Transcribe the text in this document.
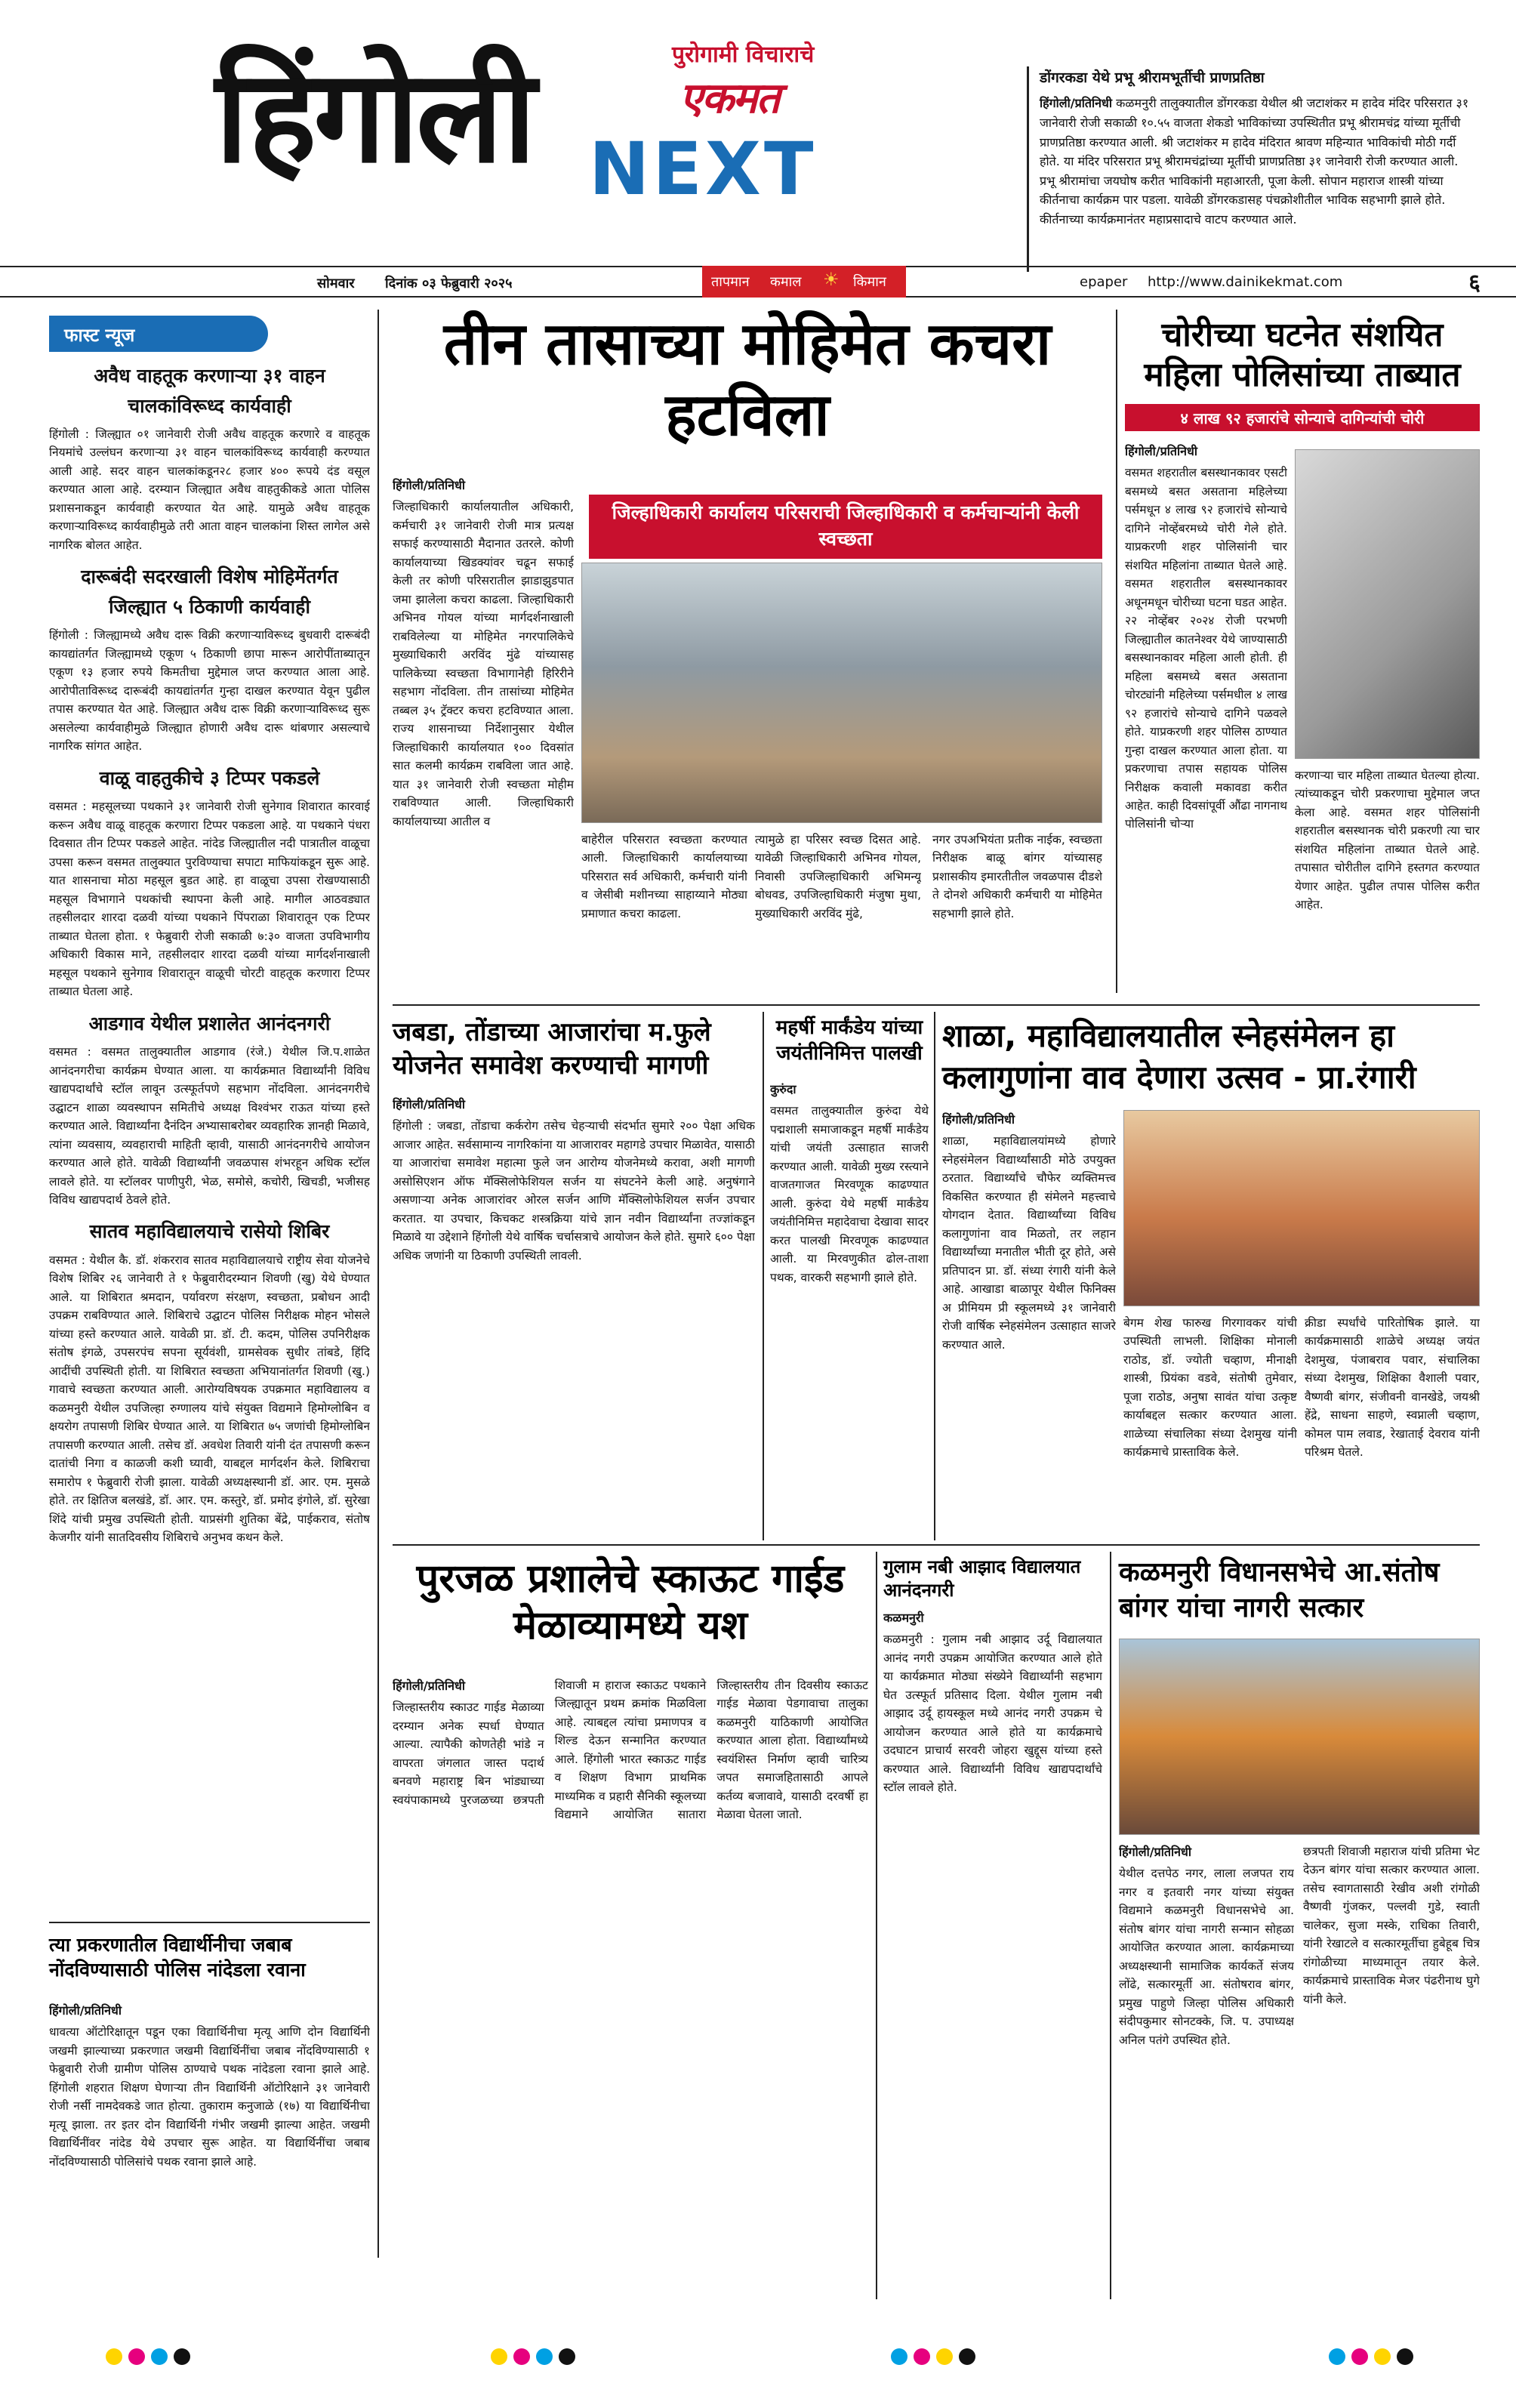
हिंगोली	पुरोगामी विचाराचे
एकमत
NEXT
डोंगरकडा येथे प्रभू श्रीरामभूर्तीची प्राणप्रतिष्ठा
हिंगोली/प्रतिनिधी कळमनुरी तालुक्यातील डोंगरकडा येथील श्री जटाशंकर म हादेव मंदिर परिसरात ३१ जानेवारी रोजी सकाळी १०.५५ वाजता शेकडो भाविकांच्या उपस्थितीत प्रभू श्रीरामचंद्र यांच्या मूर्तीची प्राणप्रतिष्ठा करण्यात आली. श्री जटाशंकर म हादेव मंदिरात श्रावण महिन्यात भाविकांची मोठी गर्दी होते. या मंदिर परिसरात प्रभू श्रीरामचंद्रांच्या मूर्तीची प्राणप्रतिष्ठा ३१ जानेवारी रोजी करण्यात आली. प्रभू श्रीरामांचा जयघोष करीत भाविकांनी महाआरती, पूजा केली. सोपान महाराज शास्त्री यांच्या कीर्तनाचा कार्यक्रम पार पडला. यावेळी डोंगरकडासह पंचक्रोशीतील भाविक सहभागी झाले होते. कीर्तनाच्या कार्यक्रमानंतर महाप्रसादाचे वाटप करण्यात आले.
सोमवार दिनांक ०३ फेब्रुवारी २०२५	epaper http://www.dainikekmat.com
तापमान कमाल ☀ किमान	६
फास्ट न्यूज
अवैध वाहतूक करणाऱ्या ३१ वाहन चालकांविरूध्द कार्यवाही

हिंगोली : जिल्ह्यात ०१ जानेवारी रोजी अवैध वाहतूक करणारे व वाहतूक नियमांचे उल्लंघन करणाऱ्या ३१ वाहन चालकांविरूध्द कार्यवाही करण्यात आली आहे. सदर वाहन चालकांकडून२८ हजार ४०० रूपये दंड वसूल करण्यात आला आहे. दरम्यान जिल्ह्यात अवैध वाहतुकीकडे आता पोलिस प्रशासनाकडून कार्यवाही करण्यात येत आहे. यामुळे अवैध वाहतूक करणाऱ्याविरूध्द कार्यवाहीमुळे तरी आता वाहन चालकांना शिस्त लागेल असे नागरिक बोलत आहेत.

दारूबंदी सदरखाली विशेष मोहिमेंतर्गत जिल्ह्यात ५ ठिकाणी कार्यवाही

हिंगोली : जिल्ह्यामध्ये अवैध दारू विक्री करणाऱ्याविरूध्द बुधवारी दारूबंदी कायद्यांतर्गत जिल्ह्यामध्ये एकूण ५ ठिकाणी छापा मारून आरोपींताब्यातून एकूण १३ हजार रुपये किमतीचा मुद्देमाल जप्त करण्यात आला आहे. आरोपीताविरूध्द दारूबंदी कायद्यांतर्गत गुन्हा दाखल करण्यात येवून पुढील तपास करण्यात येत आहे. जिल्ह्यात अवैध दारू विक्री करणाऱ्याविरूध्द सुरू असलेल्या कार्यवाहीमुळे जिल्ह्यात होणारी अवैध दारू थांबणार असल्याचे नागरिक सांगत आहेत.

वाळू वाहतुकीचे ३ टिप्पर पकडले

वसमत : महसूलच्या पथकाने ३१ जानेवारी रोजी सुनेगाव शिवारात कारवाई करून अवैध वाळू वाहतूक करणारा टिप्पर पकडला आहे. या पथकाने पंधरा दिवसात तीन टिप्पर पकडले आहेत. नांदेड जिल्ह्यातील नदी पात्रातील वाळूचा उपसा करून वसमत तालुक्यात पुरविण्याचा सपाटा माफियांकडून सुरू आहे. यात शासनाचा मोठा महसूल बुडत आहे. हा वाळूचा उपसा रोखण्यासाठी महसूल विभागाने पथकांची स्थापना केली आहे. मागील आठवड्यात तहसीलदार शारदा दळवी यांच्या पथकाने पिंपराळा शिवारातून एक टिप्पर ताब्यात घेतला होता. १ फेब्रुवारी रोजी सकाळी ७:३० वाजता उपविभागीय अधिकारी विकास माने, तहसीलदार शारदा दळवी यांच्या मार्गदर्शनाखाली महसूल पथकाने सुनेगाव शिवारातून वाळूची चोरटी वाहतूक करणारा टिप्पर ताब्यात घेतला आहे.

आडगाव येथील प्रशालेत आनंदनगरी

वसमत : वसमत तालुक्यातील आडगाव (रंजे.) येथील जि.प.शाळेत आनंदनगरीचा कार्यक्रम घेण्यात आला. या कार्यक्रमात विद्यार्थ्यांनी विविध खाद्यपदार्थांचे स्टॉल लावून उत्स्फूर्तपणे सहभाग नोंदविला. आनंदनगरीचे उद्घाटन शाळा व्यवस्थापन समितीचे अध्यक्ष विश्वंभर राऊत यांच्या हस्ते करण्यात आले. विद्यार्थ्यांना दैनंदिन अभ्यासाबरोबर व्यवहारिक ज्ञानही मिळावे, त्यांना व्यवसाय, व्यवहाराची माहिती व्हावी, यासाठी आनंदनगरीचे आयोजन करण्यात आले होते. यावेळी विद्यार्थ्यांनी जवळपास शंभरहून अधिक स्टॉल लावले होते. या स्टॉलवर पाणीपुरी, भेळ, समोसे, कचोरी, खिचडी, भजीसह विविध खाद्यपदार्थ ठेवले होते.

सातव महाविद्यालयाचे रासेयो शिबिर

वसमत : येथील कै. डॉ. शंकरराव सातव महाविद्यालयाचे राष्ट्रीय सेवा योजनेचे विशेष शिबिर २६ जानेवारी ते १ फेब्रुवारीदरम्यान शिवणी (खु) येथे घेण्यात आले. या शिबिरात श्रमदान, पर्यावरण संरक्षण, स्वच्छता, प्रबोधन आदी उपक्रम राबविण्यात आले. शिबिराचे उद्घाटन पोलिस निरीक्षक मोहन भोसले यांच्या हस्ते करण्यात आले. यावेळी प्रा. डॉ. टी. कदम, पोलिस उपनिरीक्षक संतोष इंगळे, उपसरपंच सपना सूर्यवंशी, ग्रामसेवक सुधीर तांबडे, हिंदि आदींची उपस्थिती होती. या शिबिरात स्वच्छता अभियानांतर्गत शिवणी (खु.) गावाचे स्वच्छता करण्यात आली. आरोग्यविषयक उपक्रमात महाविद्यालय व कळमनुरी येथील उपजिल्हा रुग्णालय यांचे संयुक्त विद्यमाने हिमोग्लोबिन व क्षयरोग तपासणी शिबिर घेण्यात आले. या शिबिरात ७५ जणांची हिमोग्लोबिन तपासणी करण्यात आली. तसेच डॉ. अवधेश तिवारी यांनी दंत तपासणी करून दातांची निगा व काळजी कशी घ्यावी, याबद्दल मार्गदर्शन केले. शिबिराचा समारोप १ फेब्रुवारी रोजी झाला. यावेळी अध्यक्षस्थानी डॉ. आर. एम. मुसळे होते. तर क्षितिज बलखंडे, डॉ. आर. एम. कस्तुरे, डॉ. प्रमोद इंगोले, डॉ. सुरेखा शिंदे यांची प्रमुख उपस्थिती होती. याप्रसंगी शुतिका बेंद्रे, पाईकराव, संतोष केजगीर यांनी सातदिवसीय शिबिराचे अनुभव कथन केले.

त्या प्रकरणातील विद्यार्थीनीचा जबाब नोंदविण्यासाठी पोलिस नांदेडला रवाना
हिंगोली/प्रतिनिधी
धावत्या ऑटोरिक्षातून पडून एका विद्यार्थिनीचा मृत्यू आणि दोन विद्यार्थिनी जखमी झाल्याच्या प्रकरणात जखमी विद्यार्थिनींचा जबाब नोंदविण्यासाठी १ फेब्रुवारी रोजी ग्रामीण पोलिस ठाण्याचे पथक नांदेडला रवाना झाले आहे. हिंगोली शहरात शिक्षण घेणाऱ्या तीन विद्यार्थिनी ऑटोरिक्षाने ३१ जानेवारी रोजी नर्सी नामदेवकडे जात होत्या. तुकाराम कनुजाळे (१७) या विद्यार्थिनीचा मृत्यू झाला. तर इतर दोन विद्यार्थिनी गंभीर जखमी झाल्या आहेत. जखमी विद्यार्थिनींवर नांदेड येथे उपचार सुरू आहेत. या विद्यार्थिनींचा जबाब नोंदविण्यासाठी पोलिसांचे पथक रवाना झाले आहे.
तीन तासाच्या मोहिमेत कचरा हटविला
हिंगोली/प्रतिनिधी
जिल्हाधिकारी कार्यालयातील अधिकारी, कर्मचारी ३१ जानेवारी रोजी मात्र प्रत्यक्ष सफाई करण्यासाठी मैदानात उतरले. कोणी कार्यालयाच्या खिडक्यांवर चढून सफाई केली तर कोणी परिसरातील झाडाझुडपात जमा झालेला कचरा काढला. जिल्हाधिकारी अभिनव गोयल यांच्या मार्गदर्शनाखाली राबविलेल्या या मोहिमेत नगरपालिकेचे मुख्याधिकारी अरविंद मुंढे यांच्यासह पालिकेच्या स्वच्छता विभागानेही हिरिरीने सहभाग नोंदविला. तीन तासांच्या मोहिमेत तब्बल ३५ ट्रॅक्टर कचरा हटविण्यात आला. राज्य शासनाच्या निर्देशानुसार येथील जिल्हाधिकारी कार्यालयात १०० दिवसांत सात कलमी कार्यक्रम राबविला जात आहे. यात ३१ जानेवारी रोजी स्वच्छता मोहीम राबविण्यात आली. जिल्हाधिकारी कार्यालयाच्या आतील व
जिल्हाधिकारी कार्यालय परिसराची जिल्हाधिकारी व कर्मचाऱ्यांनी केली स्वच्छता
बाहेरील परिसरात स्वच्छता करण्यात आली. जिल्हाधिकारी कार्यालयाच्या परिसरात सर्व अधिकारी, कर्मचारी यांनी व जेसीबी मशीनच्या साहाय्याने मोठ्या प्रमाणात कचरा काढला.
त्यामुळे हा परिसर स्वच्छ दिसत आहे. यावेळी जिल्हाधिकारी अभिनव गोयल, निवासी उपजिल्हाधिकारी अभिमन्यू बोधवड, उपजिल्हाधिकारी मंजुषा मुथा, मुख्याधिकारी अरविंद मुंढे,
नगर उपअभियंता प्रतीक नाईक, स्वच्छता निरीक्षक बाळू बांगर यांच्यासह प्रशासकीय इमारतीतील जवळपास दीडशे ते दोनशे अधिकारी कर्मचारी या मोहिमेत सहभागी झाले होते.
चोरीच्या घटनेत संशयित महिला पोलिसांच्या ताब्यात
४ लाख ९२ हजारांचे सोन्याचे दागिन्यांची चोरी
हिंगोली/प्रतिनिधी
वसमत शहरातील बसस्थानकावर एसटी बसमध्ये बसत असताना महिलेच्या पर्समधून ४ लाख ९२ हजारांचे सोन्याचे दागिने नोव्हेंबरमध्ये चोरी गेले होते. याप्रकरणी शहर पोलिसांनी चार संशयित महिलांना ताब्यात घेतले आहे. वसमत शहरातील बसस्थानकावर अधूनमधून चोरीच्या घटना घडत आहेत. २२ नोव्हेंबर २०२४ रोजी परभणी जिल्ह्यातील कातनेश्वर येथे जाण्यासाठी बसस्थानकावर महिला आली होती. ही महिला बसमध्ये बसत असताना चोरट्यांनी महिलेच्या पर्समधील ४ लाख ९२ हजारांचे सोन्याचे दागिने पळवले होते. याप्रकरणी शहर पोलिस ठाण्यात गुन्हा दाखल करण्यात आला होता. या प्रकरणाचा तपास सहायक पोलिस निरीक्षक कवाली मकावडा करीत आहेत. काही दिवसांपूर्वी औंढा नागनाथ पोलिसांनी चोऱ्या
करणाऱ्या चार महिला ताब्यात घेतल्या होत्या. त्यांच्याकडून चोरी प्रकरणाचा मुद्देमाल जप्त केला आहे. वसमत शहर पोलिसांनी शहरातील बसस्थानक चोरी प्रकरणी त्या चार संशयित महिलांना ताब्यात घेतले आहे. तपासात चोरीतील दागिने हस्तगत करण्यात येणार आहेत. पुढील तपास पोलिस करीत आहेत.
जबडा, तोंडाच्या आजारांचा म.फुले योजनेत समावेश करण्याची मागणी
हिंगोली/प्रतिनिधी
हिंगोली : जबडा, तोंडाचा कर्करोग तसेच चेहऱ्याची संदर्भात सुमारे २०० पेक्षा अधिक आजार आहेत. सर्वसामान्य नागरिकांना या आजारावर महागडे उपचार मिळावेत, यासाठी या आजारांचा समावेश महात्मा फुले जन आरोग्य योजनेमध्ये करावा, अशी मागणी असोसिएशन ऑफ मॅक्सिलोफेशियल सर्जन या संघटनेने केली आहे. अनुषंगाने असणाऱ्या अनेक आजारांवर ओरल सर्जन आणि मॅक्सिलोफेशियल सर्जन उपचार करतात. या उपचार, किचकट शस्त्रक्रिया यांचे ज्ञान नवीन विद्यार्थ्यांना तज्ज्ञांकडून मिळावे या उद्देशाने हिंगोली येथे वार्षिक चर्चासत्राचे आयोजन केले होते. सुमारे ६०० पेक्षा अधिक जणांनी या ठिकाणी उपस्थिती लावली.
महर्षी मार्कंडेय यांच्या जयंतीनिमित्त पालखी
कुरुंदा
वसमत तालुक्यातील कुरुंदा येथे पद्मशाली समाजाकडून महर्षी मार्कंडेय यांची जयंती उत्साहात साजरी करण्यात आली. यावेळी मुख्य रस्त्याने वाजतगाजत मिरवणूक काढण्यात आली. कुरुंदा येथे महर्षी मार्कंडेय जयंतीनिमित्त महादेवाचा देखावा सादर करत पालखी मिरवणूक काढण्यात आली. या मिरवणुकीत ढोल-ताशा पथक, वारकरी सहभागी झाले होते.
शाळा, महाविद्यालयातील स्नेहसंमेलन हा कलागुणांना वाव देणारा उत्सव - प्रा.रंगारी
हिंगोली/प्रतिनिधी
शाळा, महाविद्यालयांमध्ये होणारे स्नेहसंमेलन विद्यार्थ्यांसाठी मोठे उपयुक्त ठरतात. विद्यार्थ्यांचे चौफेर व्यक्तिमत्त्व विकसित करण्यात ही संमेलने महत्त्वाचे योगदान देतात. विद्यार्थ्यांच्या विविध कलागुणांना वाव मिळतो, तर लहान विद्यार्थ्यांच्या मनातील भीती दूर होते, असे प्रतिपादन प्रा. डॉ. संध्या रंगारी यांनी केले आहे. आखाडा बाळापूर येथील फिनिक्स अ प्रीमियम प्री स्कूलमध्ये ३१ जानेवारी रोजी वार्षिक स्नेहसंमेलन उत्साहात साजरे करण्यात आले.
बेगम शेख फारुख गिरगावकर यांची उपस्थिती लाभली. शिक्षिका मोनाली राठोड, डॉ. ज्योती चव्हाण, मीनाक्षी शास्त्री, प्रियंका वडवे, संतोषी तुमेवार, पूजा राठोड, अनुषा सावंत यांचा उत्कृष्ट कार्याबद्दल सत्कार करण्यात आला. शाळेच्या संचालिका संध्या देशमुख यांनी कार्यक्रमाचे प्रास्ताविक केले.
क्रीडा स्पर्धांचे पारितोषिक झाले. या कार्यक्रमासाठी शाळेचे अध्यक्ष जयंत देशमुख, पंजाबराव पवार, संचालिका संध्या देशमुख, शिक्षिका वैशाली पवार, वैष्णवी बांगर, संजीवनी वानखेडे, जयश्री हेंद्रे, साधना साहणे, स्वप्नाली चव्हाण, कोमल पाम लवाड, रेखाताई देवराव यांनी परिश्रम घेतले.
पुरजळ प्रशालेचे स्काऊट गाईड मेळाव्यामध्ये यश
हिंगोली/प्रतिनिधी
जिल्हास्तरीय स्काउट गाईड मेळाव्या दरम्यान अनेक स्पर्धा घेण्यात आल्या. त्यापैकी कोणतेही भांडे न वापरता जंगलात जास्त पदार्थ बनवणे महाराष्ट्र बिन भांड्याच्या स्वयंपाकामध्ये पुरजळच्या छत्रपती शिवाजी म हाराज स्काऊट पथकाने जिल्ह्यातून प्रथम क्रमांक मिळविला आहे. त्याबद्दल त्यांचा प्रमाणपत्र व शिल्ड देऊन सन्मानित करण्यात आले. हिंगोली भारत स्काऊट गाईड व शिक्षण विभाग प्राथमिक माध्यमिक व प्रहारी सैनिकी स्कूलच्या विद्यमाने आयोजित सातारा जिल्हास्तरीय तीन दिवसीय स्काऊट गाईड मेळावा पेडगावाचा तालुका कळमनुरी याठिकाणी आयोजित करण्यात आला होता. विद्यार्थ्यांमध्ये स्वयंशिस्त निर्माण व्हावी चारित्र्य जपत समाजहितासाठी आपले कर्तव्य बजावावे, यासाठी दरवर्षी हा मेळावा घेतला जातो.
गुलाम नबी आझाद विद्यालयात आनंदनगरी
कळमनुरी
कळमनुरी : गुलाम नबी आझाद उर्दू विद्यालयात आनंद नगरी उपक्रम आयोजित करण्यात आले होते या कार्यक्रमात मोठ्या संख्येने विद्यार्थ्यांनी सहभाग घेत उत्स्फूर्त प्रतिसाद दिला. येथील गुलाम नबी आझाद उर्दू हायस्कूल मध्ये आनंद नगरी उपक्रम चे आयोजन करण्यात आले होते या कार्यक्रमाचे उदघाटन प्राचार्य सरवरी जोहरा खुद्दूस यांच्या हस्ते करण्यात आले. विद्यार्थ्यांनी विविध खाद्यपदार्थांचे स्टॉल लावले होते.
कळमनुरी विधानसभेचे आ.संतोष बांगर यांचा नागरी सत्कार
हिंगोली/प्रतिनिधी
येथील दत्तपेठ नगर, लाला लजपत राय नगर व इतवारी नगर यांच्या संयुक्त विद्यमाने कळमनुरी विधानसभेचे आ. संतोष बांगर यांचा नागरी सन्मान सोहळा आयोजित करण्यात आला. कार्यक्रमाच्या अध्यक्षस्थानी सामाजिक कार्यकर्ते संजय लोंढे, सत्कारमूर्ती आ. संतोषराव बांगर, प्रमुख पाहुणे जिल्हा पोलिस अधिकारी संदीपकुमार सोनटक्के, जि. प. उपाध्यक्ष अनिल पतंगे उपस्थित होते.
छत्रपती शिवाजी महाराज यांची प्रतिमा भेट देऊन बांगर यांचा सत्कार करण्यात आला. तसेच स्वागतासाठी रेखीव अशी रांगोळी वैष्णवी गुंजकर, पल्लवी गुडे, स्वाती चालेकर, सुजा मस्के, राधिका तिवारी, यांनी रेखाटले व सत्कारमूर्तीचा हुबेहूब चित्र रांगोळीच्या माध्यमातून तयार केले. कार्यक्रमाचे प्रास्ताविक मेजर पंढरीनाथ घुगे यांनी केले.
